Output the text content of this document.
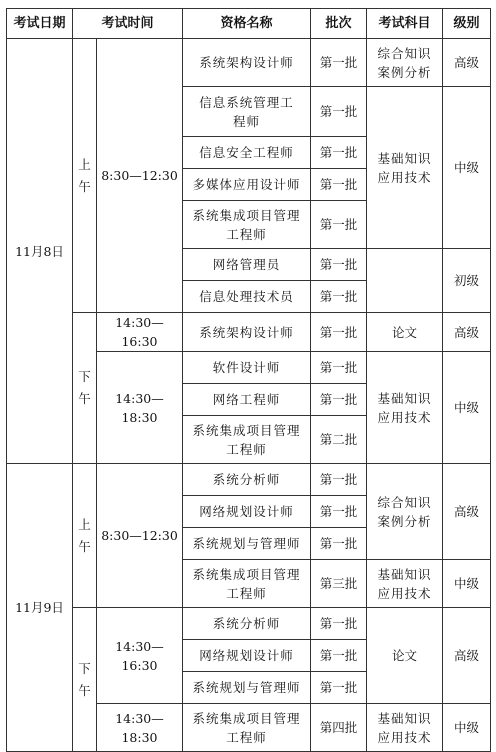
考试日期	考试时间		资格名称	批次	考试科目	级别
11月8日	上午	8:30—12:30	系统架构设计师	第一批	综合知识案例分析	高级
			信息系统管理工程师	第一批	基础知识应用技术	中级
			信息安全工程师	第一批		
			多媒体应用设计师	第一批		
			系统集成项目管理工程师	第一批		
			网络管理员	第一批		初级
			信息处理技术员	第一批		
	下午	14:30—16:30	系统架构设计师	第一批	论文	高级
		14:30—18:30	软件设计师	第一批	基础知识应用技术	中级
			网络工程师	第一批		
			系统集成项目管理工程师	第二批		

11月9日	上午	8:30—12:30	系统分析师	第一批	综合知识案例分析	高级
			网络规划设计师	第一批		
			系统规划与管理师	第一批		
			系统集成项目管理工程师	第三批	基础知识应用技术	中级
	下午	14:30—16:30	系统分析师	第一批	论文	高级
			网络规划设计师	第一批		
			系统规划与管理师	第一批		
		14:30—18:30	系统集成项目管理工程师	第四批	基础知识应用技术	中级
